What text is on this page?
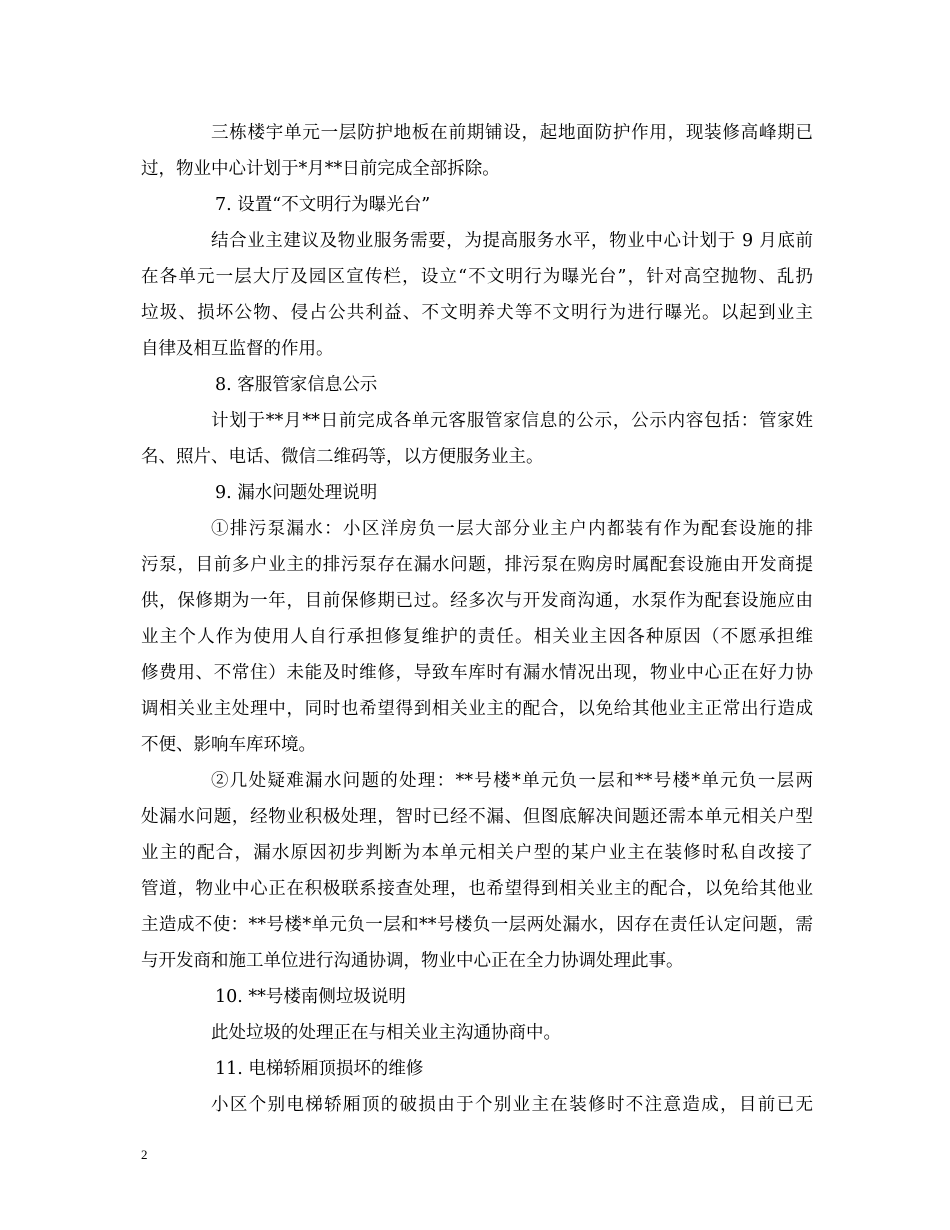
三栋楼宇单元一层防护地板在前期铺设，起地面防护作用，现装修高峰期已
过，物业中心计划于*月**日前完成全部拆除。
7. 设置“不文明行为曝光台”
结合业主建议及物业服务需要，为提高服务水平，物业中心计划于 9 月底前
在各单元一层大厅及园区宣传栏，设立“不文明行为曝光台”，针对高空抛物、乱扔
垃圾、损坏公物、侵占公共利益、不文明养犬等不文明行为进行曝光。以起到业主
自律及相互监督的作用。
8. 客服管家信息公示
计划于**月**日前完成各单元客服管家信息的公示，公示内容包括：管家姓
名、照片、电话、微信二维码等，以方便服务业主。
9. 漏水问题处理说明
①排污泵漏水：小区洋房负一层大部分业主户内都装有作为配套设施的排
污泵，目前多户业主的排污泵存在漏水问题，排污泵在购房时属配套设施由开发商提
供，保修期为一年，目前保修期已过。经多次与开发商沟通，水泵作为配套设施应由
业主个人作为使用人自行承担修复维护的责任。相关业主因各种原因（不愿承担维
修费用、不常住）未能及时维修，导致车库时有漏水情况出现，物业中心正在好力协
调相关业主处理中，同时也希望得到相关业主的配合，以免给其他业主正常出行造成
不便、影响车库环境。
②几处疑难漏水问题的处理：**号楼*单元负一层和**号楼*单元负一层两
处漏水问题，经物业积极处理，智时已经不漏、但图底解决间题还需本单元相关户型
业主的配合，漏水原因初步判断为本单元相关户型的某户业主在装修时私自改接了
管道，物业中心正在积极联系接查处理，也希望得到相关业主的配合，以免给其他业
主造成不使：**号楼*单元负一层和**号楼负一层两处漏水，因存在责任认定问题，需
与开发商和施工单位进行沟通协调，物业中心正在全力协调处理此事。
10. **号楼南侧垃圾说明
此处垃圾的处理正在与相关业主沟通协商中。
11. 电梯轿厢顶损坏的维修
小区个别电梯轿厢顶的破损由于个别业主在装修时不注意造成，目前已无
2
